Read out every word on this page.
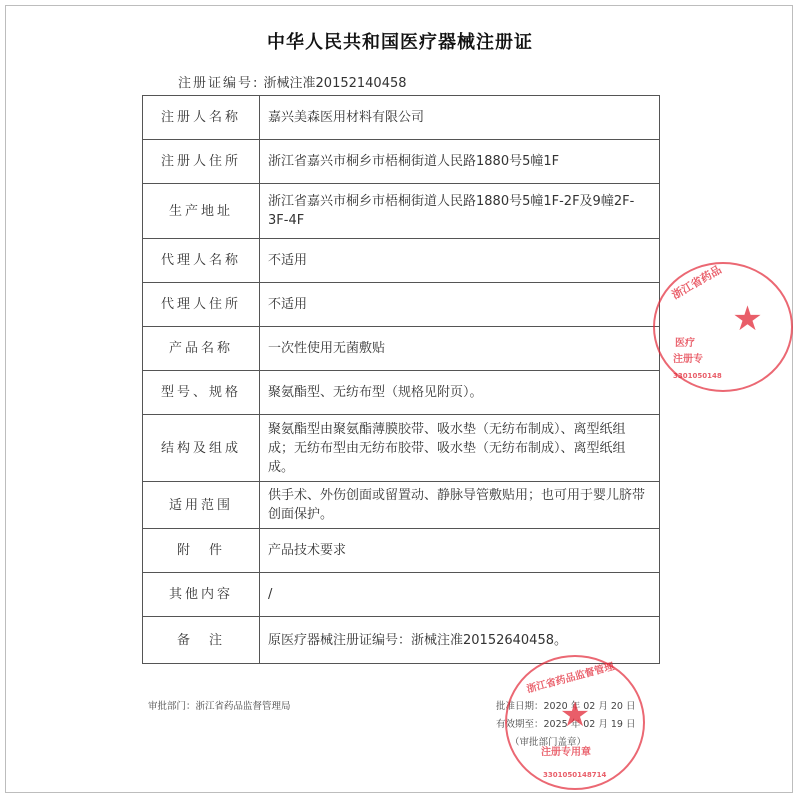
中华人民共和国医疗器械注册证
注册证编号: 浙械注准20152140458
注册人名称	嘉兴美森医用材料有限公司
注册人住所	浙江省嘉兴市桐乡市梧桐街道人民路1880号5幢1F
生产地址	浙江省嘉兴市桐乡市梧桐街道人民路1880号5幢1F-2F及9幢2F-3F-4F
代理人名称	不适用
代理人住所	不适用
产品名称	一次性使用无菌敷贴
型号、规格	聚氨酯型、无纺布型（规格见附页）。
结构及组成	聚氨酯型由聚氨酯薄膜胶带、吸水垫（无纺布制成）、离型纸组成；无纺布型由无纺布胶带、吸水垫（无纺布制成）、离型纸组成。
适用范围	供手术、外伤创面或留置动、静脉导管敷贴用；也可用于婴儿脐带创面保护。
附　件	产品技术要求
其他内容	/
备　注	原医疗器械注册证编号：浙械注准20152640458。
审批部门：浙江省药品监督管理局	批准日期：2020 年 02 月 20 日
有效期至：2025 年 02 月 19 日
（审批部门盖章）
浙江省药品
★
医疗
注册专
3301050148
浙江省药品监督管理
★
注册专用章
3301050148714
